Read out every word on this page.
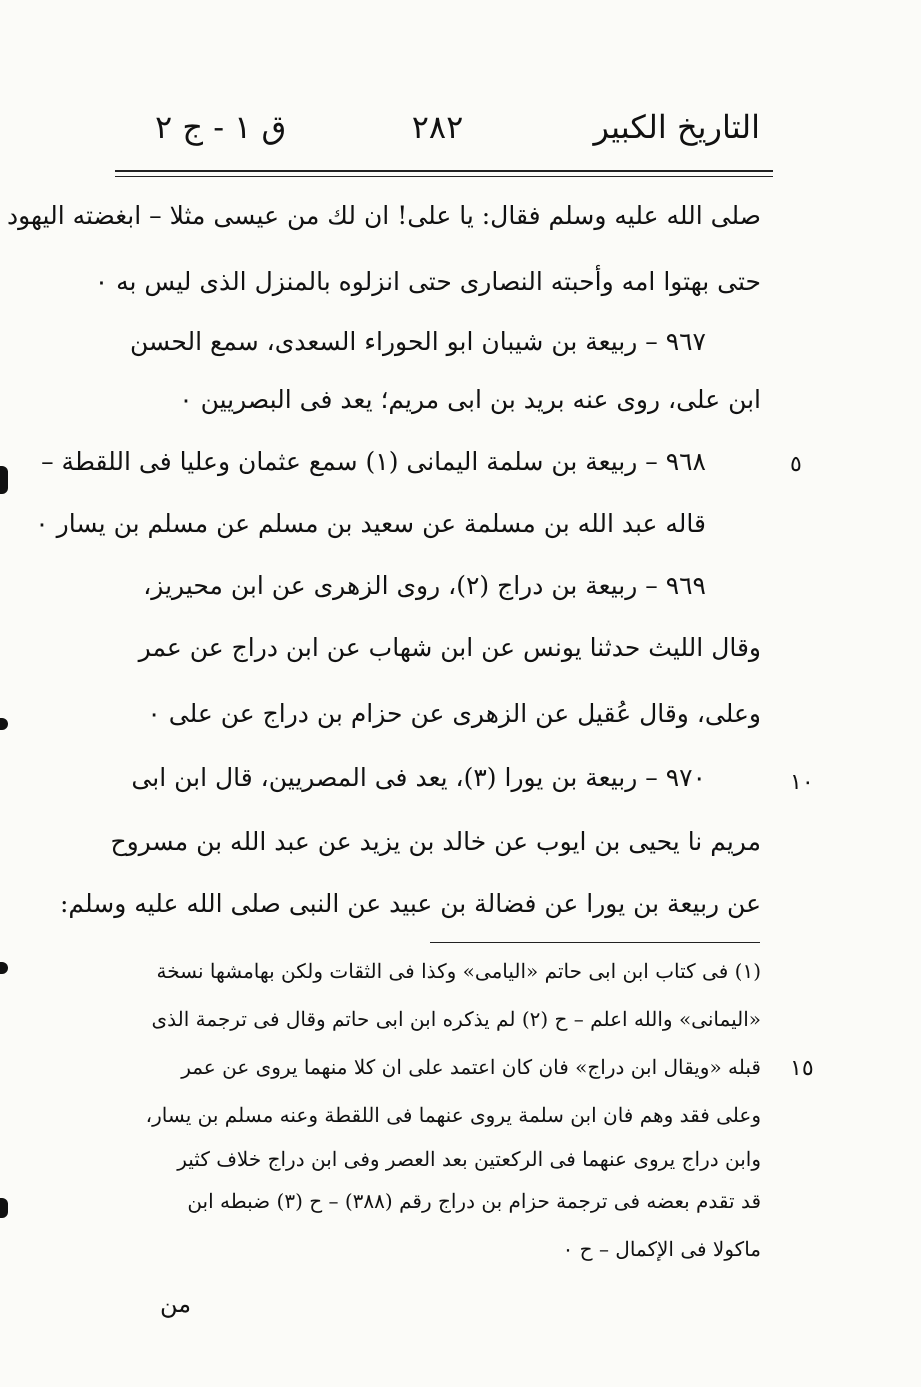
التاريخ الكبير
٢٨٢
ق ١ - ج ٢
صلى الله عليه وسلم فقال: يا على! ان لك من عيسى مثلا – ابغضته اليهود
حتى بهتوا امه وأحبته النصارى حتى انزلوه بالمنزل الذى ليس به ٠
٩٦٧ – ربيعة بن شيبان ابو الحوراء السعدى، سمع الحسن
ابن على، روى عنه بريد بن ابى مريم؛ يعد فى البصريين ٠
٩٦٨ – ربيعة بن سلمة اليمانى (١) سمع عثمان وعليا فى اللقطة –
قاله عبد الله بن مسلمة عن سعيد بن مسلم عن مسلم بن يسار ٠
٩٦٩ – ربيعة بن دراج (٢)، روى الزهرى عن ابن محيريز،
وقال الليث حدثنا يونس عن ابن شهاب عن ابن دراج عن عمر
وعلى، وقال عُقيل عن الزهرى عن حزام بن دراج عن على ٠
٩٧٠ – ربيعة بن يورا (٣)، يعد فى المصريين، قال ابن ابى
مريم نا يحيى بن ايوب عن خالد بن يزيد عن عبد الله بن مسروح
عن ربيعة بن يورا عن فضالة بن عبيد عن النبى صلى الله عليه وسلم:
(١) فى كتاب ابن ابى حاتم «اليامى» وكذا فى الثقات ولكن بهامشها نسخة
«اليمانى» والله اعلم – ح (٢) لم يذكره ابن ابى حاتم وقال فى ترجمة الذى
قبله «ويقال ابن دراج» فان كان اعتمد على ان كلا منهما يروى عن عمر
وعلى فقد وهم فان ابن سلمة يروى عنهما فى اللقطة وعنه مسلم بن يسار،
وابن دراج يروى عنهما فى الركعتين بعد العصر وفى ابن دراج خلاف كثير
قد تقدم بعضه فى ترجمة حزام بن دراج رقم (٣٨٨) – ح (٣) ضبطه ابن
ماكولا فى الإكمال – ح ٠
٥
١٠
١٥
من
